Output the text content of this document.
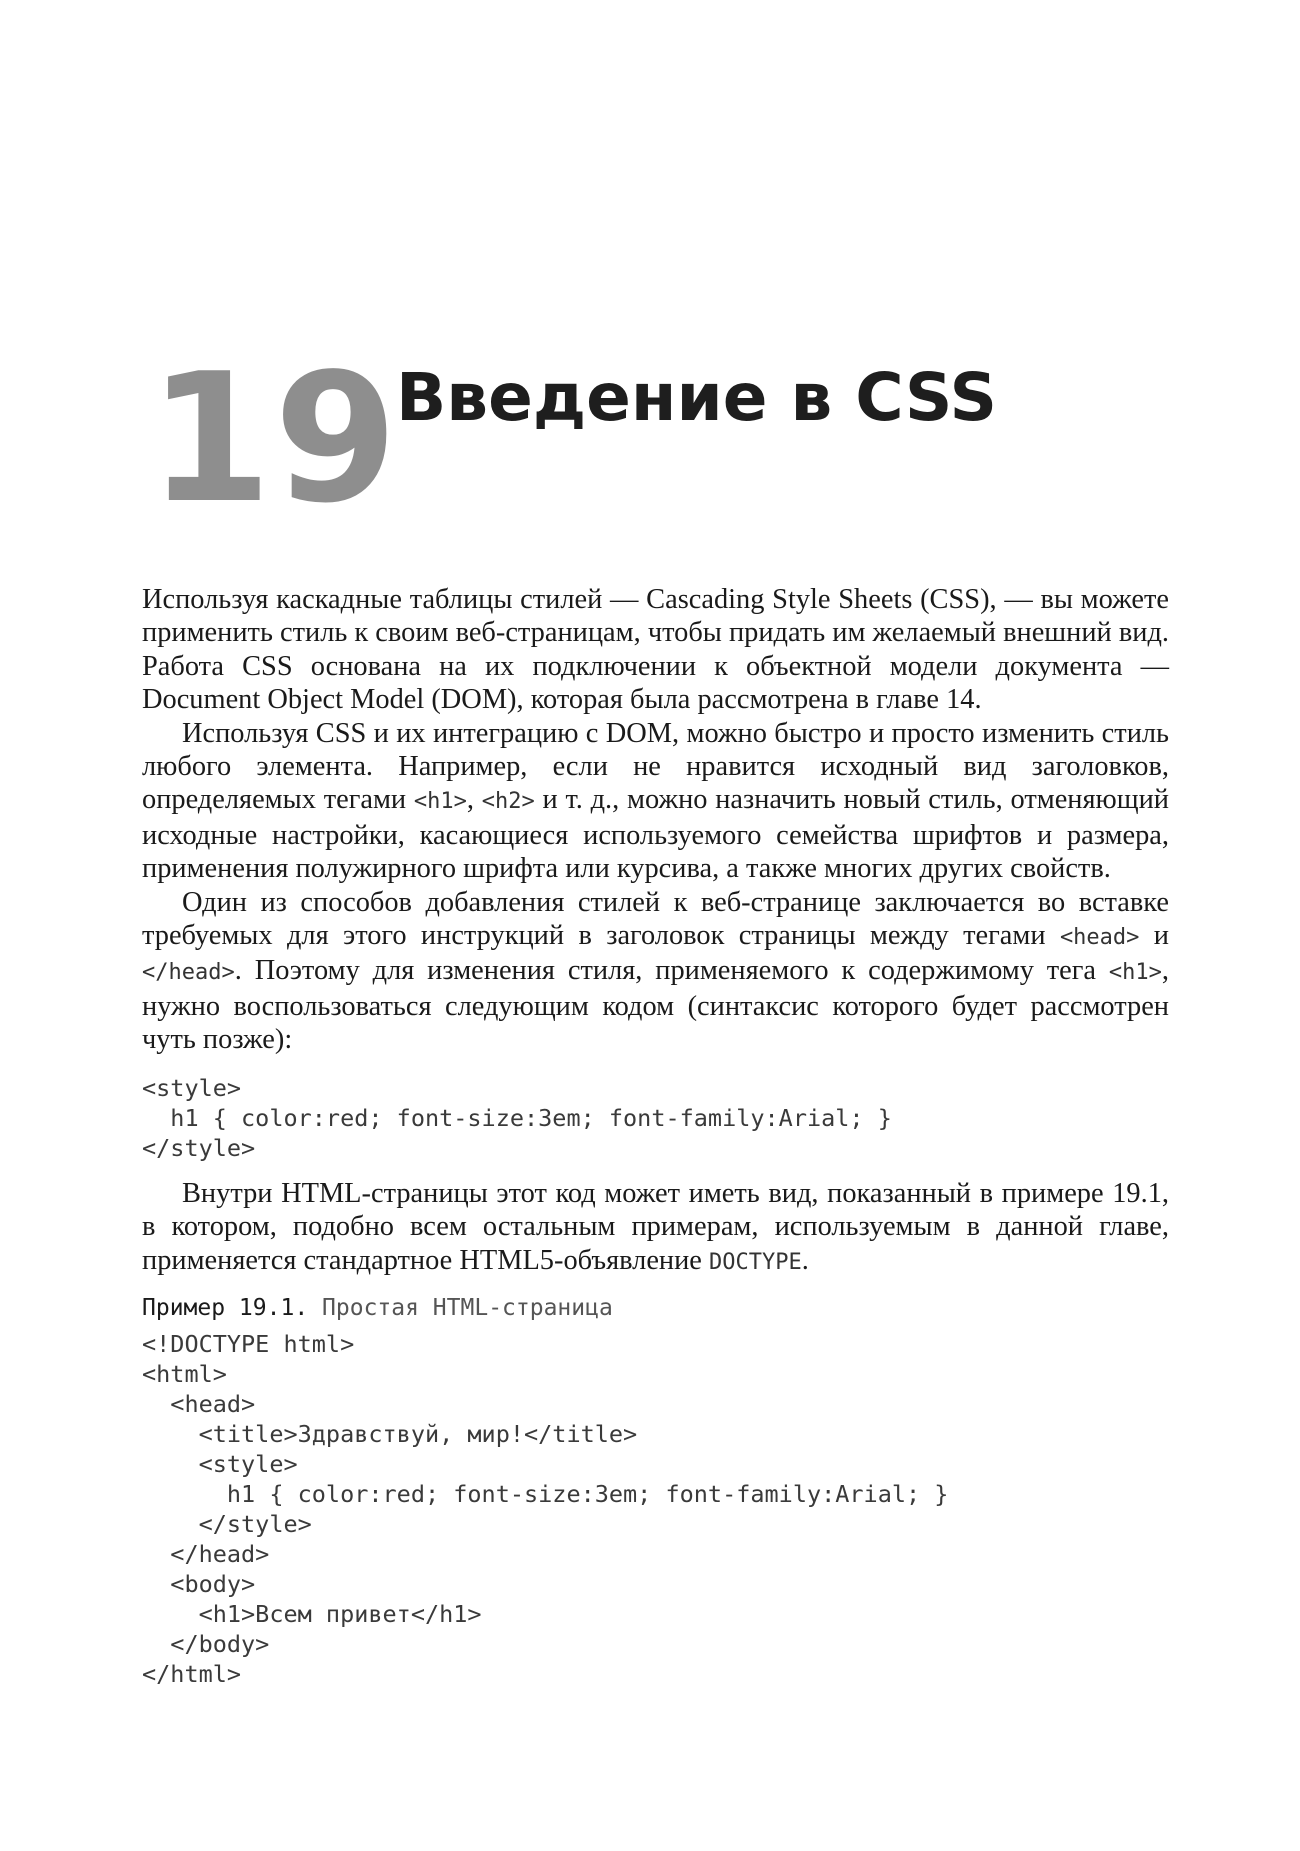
19
Введение в CSS

Используя каскадные таблицы стилей — Cascading Style Sheets (CSS), — вы можете применить стиль к своим веб-страницам, чтобы придать им желаемый внешний вид. Работа CSS основана на их подключении к объектной модели документа — Document Object Model (DOM), которая была рассмотрена в главе 14.

Используя CSS и их интеграцию с DOM, можно быстро и просто изменить стиль любого элемента. Например, если не нравится исходный вид заголовков, определяемых тегами <h1>, <h2> и т. д., можно назначить новый стиль, отменяющий исходные настройки, касающиеся используемого семейства шрифтов и размера, применения полужирного шрифта или курсива, а также многих других свойств.

Один из способов добавления стилей к веб-странице заключается во вставке требуемых для этого инструкций в заголовок страницы между тегами <head> и </head>. Поэтому для изменения стиля, применяемого к содержимому тега <h1>, нужно воспользоваться следующим кодом (синтаксис которого будет рассмотрен чуть позже):

<style>
h1 { color:red; font-size:3em; font-family:Arial; }
</style>

Внутри HTML-страницы этот код может иметь вид, показанный в примере 19.1, в котором, подобно всем остальным примерам, используемым в данной главе, применяется стандартное HTML5-объявление DOCTYPE.

Пример 19.1. Простая HTML-страница

<!DOCTYPE html>
<html>
<head>
<title>Здравствуй, мир!</title>
<style>
h1 { color:red; font-size:3em; font-family:Arial; }
</style>
</head>
<body>
<h1>Всем привет</h1>
</body>
</html>
